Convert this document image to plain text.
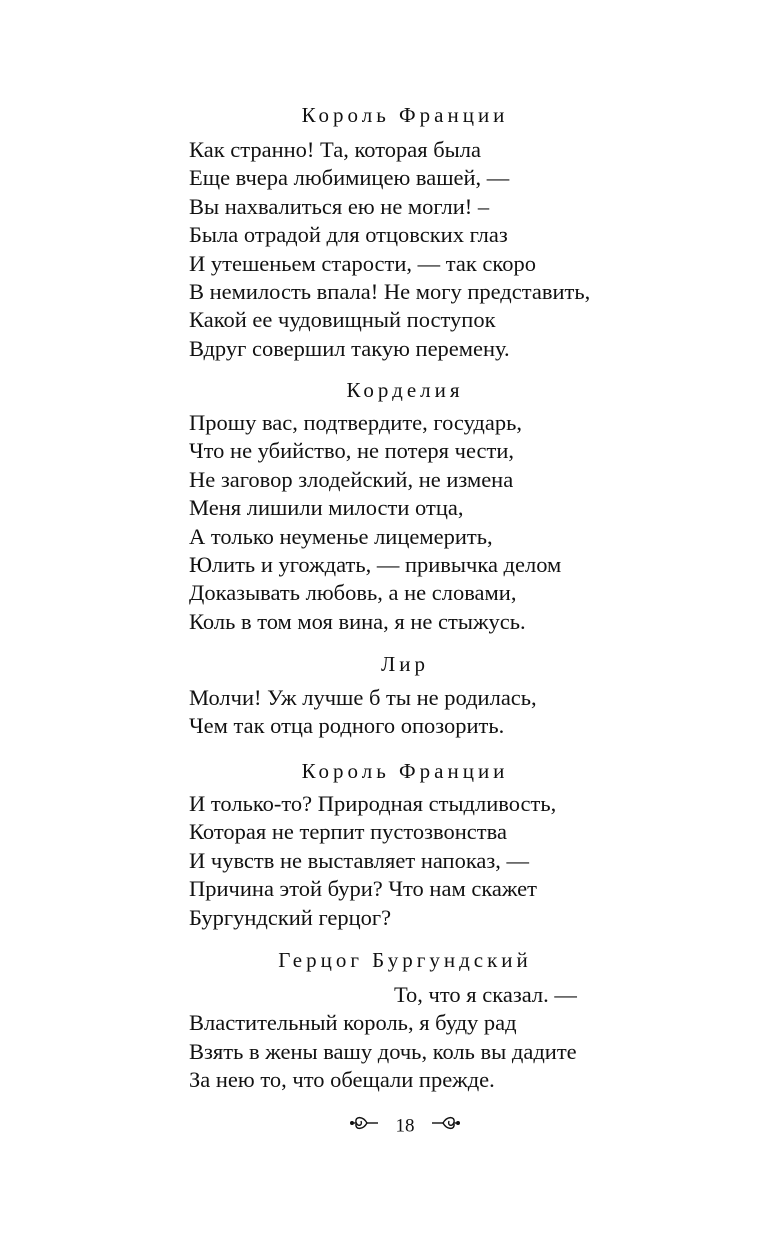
Король Франции
Как странно! Та, которая была
Еще вчера любимицею вашей, —
Вы нахвалиться ею не могли! –
Была отрадой для отцовских глаз
И утешеньем старости, — так скоро
В немилость впала! Не могу представить,
Какой ее чудовищный поступок
Вдруг совершил такую перемену.
Корделия
Прошу вас, подтвердите, государь,
Что не убийство, не потеря чести,
Не заговор злодейский, не измена
Меня лишили милости отца,
А только неуменье лицемерить,
Юлить и угождать, — привычка делом
Доказывать любовь, а не словами,
Коль в том моя вина, я не стыжусь.
Лир
Молчи! Уж лучше б ты не родилась,
Чем так отца родного опозорить.
Король Франции
И только-то? Природная стыдливость,
Которая не терпит пустозвонства
И чувств не выставляет напоказ, —
Причина этой бури? Что нам скажет
Бургундский герцог?
Герцог Бургундский
То, что я сказал. —
Властительный король, я буду рад
Взять в жены вашу дочь, коль вы дадите
За нею то, что обещали прежде.
18
